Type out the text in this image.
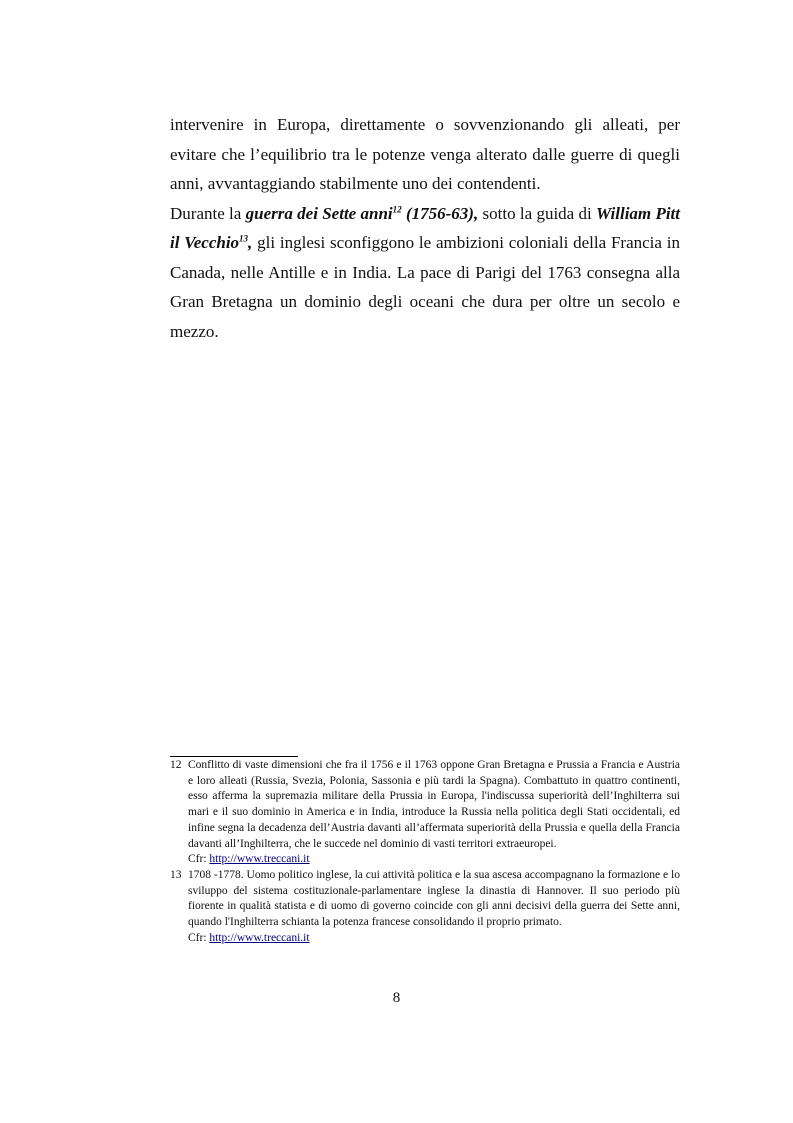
intervenire in Europa, direttamente o sovvenzionando gli alleati, per evitare che l’equilibrio tra le potenze venga alterato dalle guerre di quegli anni, avvantaggiando stabilmente uno dei contendenti.

Durante la guerra dei Sette anni$^{12}$ (1756-63), sotto la guida di William Pitt il Vecchio$^{13}$, gli inglesi sconfiggono le ambizioni coloniali della Francia in Canada, nelle Antille e in India. La pace di Parigi del 1763 consegna alla Gran Bretagna un dominio degli oceani che dura per oltre un secolo e mezzo.

12 Conflitto di vaste dimensioni che fra il 1756 e il 1763 oppone Gran Bretagna e Prussia a Francia e Austria e loro alleati (Russia, Svezia, Polonia, Sassonia e più tardi la Spagna). Combattuto in quattro continenti, esso afferma la supremazia militare della Prussia in Europa, l'indiscussa superiorità dell’Inghilterra sui mari e il suo dominio in America e in India, introduce la Russia nella politica degli Stati occidentali, ed infine segna la decadenza dell’Austria davanti all’affermata superiorità della Prussia e quella della Francia davanti all’Inghilterra, che le succede nel dominio di vasti territori extraeuropei.
Cfr: http://www.treccani.it
13 1708 -1778. Uomo politico inglese, la cui attività politica e la sua ascesa accompagnano la formazione e lo sviluppo del sistema costituzionale-parlamentare inglese la dinastia di Hannover. Il suo periodo più fiorente in qualità statista e di uomo di governo coincide con gli anni decisivi della guerra dei Sette anni, quando l'Inghilterra schianta la potenza francese consolidando il proprio primato.
Cfr: http://www.treccani.it
8
